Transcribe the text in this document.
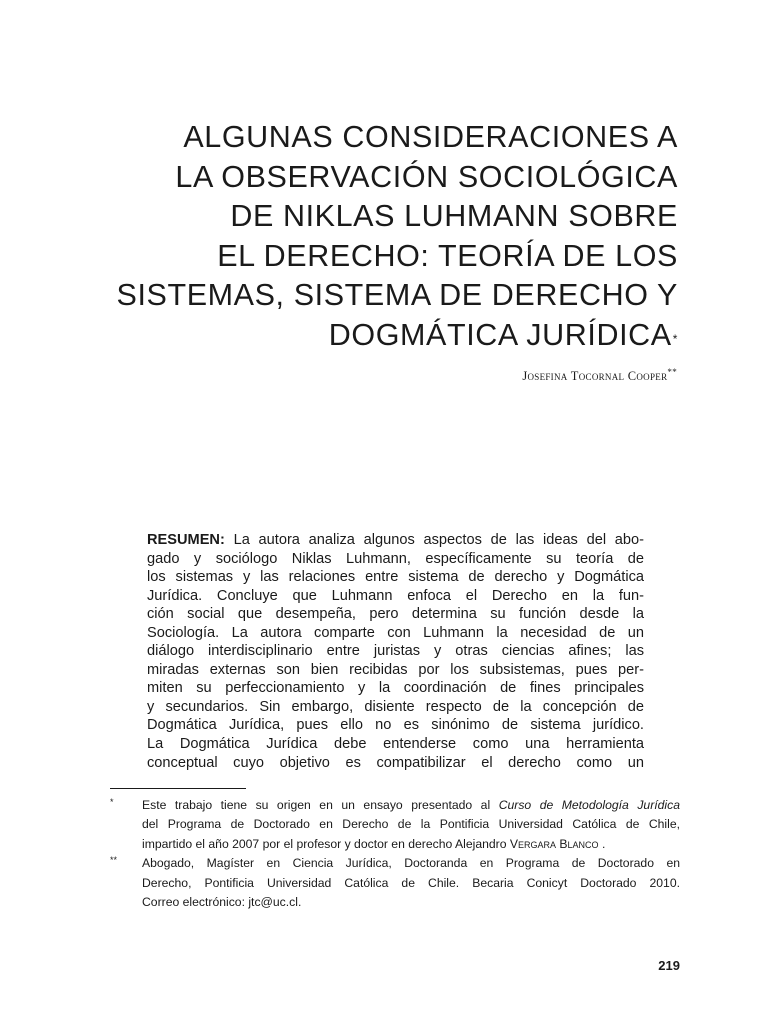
ALGUNAS CONSIDERACIONES A
LA OBSERVACIÓN SOCIOLÓGICA
DE NIKLAS LUHMANN SOBRE
EL DERECHO: TEORÍA DE LOS
SISTEMAS, SISTEMA DE DERECHO Y
DOGMÁTICA JURÍDICA*
Josefina Tocornal Cooper**
RESUMEN: La autora analiza algunos aspectos de las ideas del abo-
gado y sociólogo Niklas Luhmann, específicamente su teoría de
los sistemas y las relaciones entre sistema de derecho y Dogmática
Jurídica. Concluye que Luhmann enfoca el Derecho en la fun-
ción social que desempeña, pero determina su función desde la
Sociología. La autora comparte con Luhmann la necesidad de un
diálogo interdisciplinario entre juristas y otras ciencias afines; las
miradas externas son bien recibidas por los subsistemas, pues per-
miten su perfeccionamiento y la coordinación de fines principales
y secundarios. Sin embargo, disiente respecto de la concepción de
Dogmática Jurídica, pues ello no es sinónimo de sistema jurídico.
La Dogmática Jurídica debe entenderse como una herramienta
conceptual cuyo objetivo es compatibilizar el derecho como un
* Este trabajo tiene su origen en un ensayo presentado al Curso de Metodología Jurídica
del Programa de Doctorado en Derecho de la Pontificia Universidad Católica de Chile,
impartido el año 2007 por el profesor y doctor en derecho Alejandro Vergara Blanco .
** Abogado, Magíster en Ciencia Jurídica, Doctoranda en Programa de Doctorado en
Derecho, Pontificia Universidad Católica de Chile. Becaria Conicyt Doctorado 2010.
Correo electrónico: jtc@uc.cl.
219
